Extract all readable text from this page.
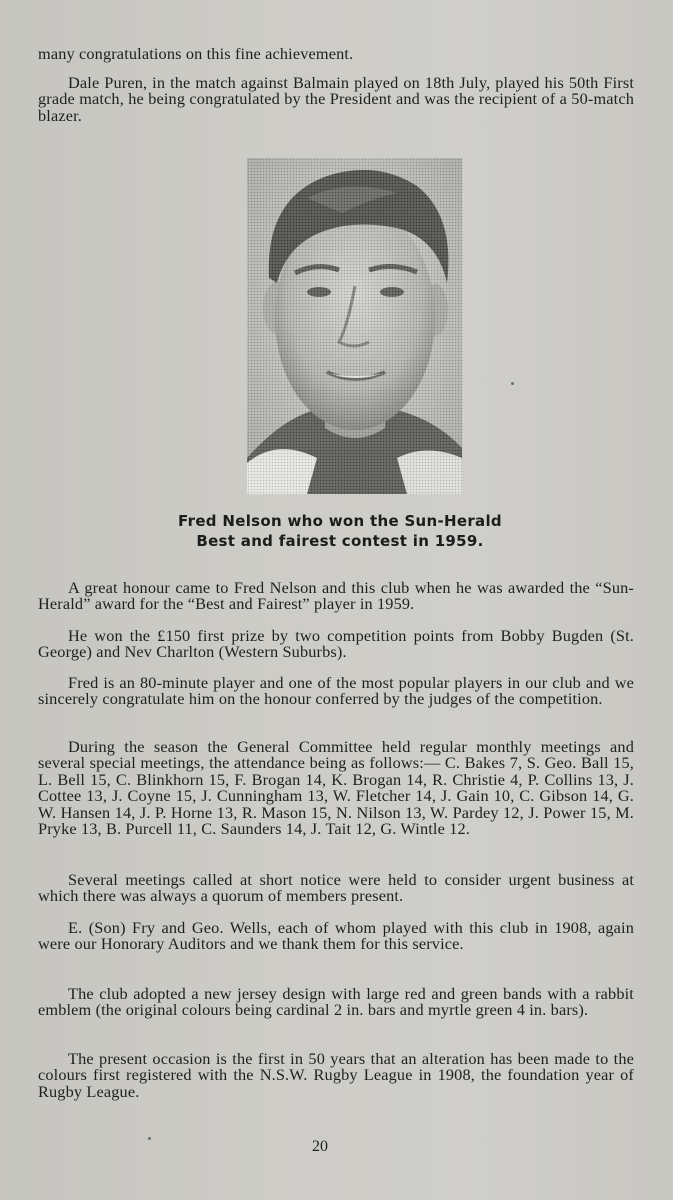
many congratulations on this fine achievement.

Dale Puren, in the match against Balmain played on 18th July, played his 50th First grade match, he being congratulated by the President and was the recipient of a 50-match blazer.

Fred Nelson who won the Sun-Herald
Best and fairest contest in 1959.

A great honour came to Fred Nelson and this club when he was awarded the “Sun-Herald” award for the “Best and Fairest” player in 1959.

He won the £150 first prize by two competition points from Bobby Bugden (St. George) and Nev Charlton (Western Suburbs).

Fred is an 80-minute player and one of the most popular players in our club and we sincerely congratulate him on the honour conferred by the judges of the competition.

During the season the General Committee held regular monthly meetings and several special meetings, the attendance being as follows:— C. Bakes 7, S. Geo. Ball 15, L. Bell 15, C. Blinkhorn 15, F. Brogan 14, K. Brogan 14, R. Christie 4, P. Collins 13, J. Cottee 13, J. Coyne 15, J. Cunningham 13, W. Fletcher 14, J. Gain 10, C. Gibson 14, G. W. Hansen 14, J. P. Horne 13, R. Mason 15, N. Nilson 13, W. Pardey 12, J. Power 15, M. Pryke 13, B. Purcell 11, C. Saunders 14, J. Tait 12, G. Wintle 12.

Several meetings called at short notice were held to consider urgent business at which there was always a quorum of members present.

E. (Son) Fry and Geo. Wells, each of whom played with this club in 1908, again were our Honorary Auditors and we thank them for this service.

The club adopted a new jersey design with large red and green bands with a rabbit emblem (the original colours being cardinal 2 in. bars and myrtle green 4 in. bars).

The present occasion is the first in 50 years that an alteration has been made to the colours first registered with the N.S.W. Rugby League in 1908, the foundation year of Rugby League.

20
